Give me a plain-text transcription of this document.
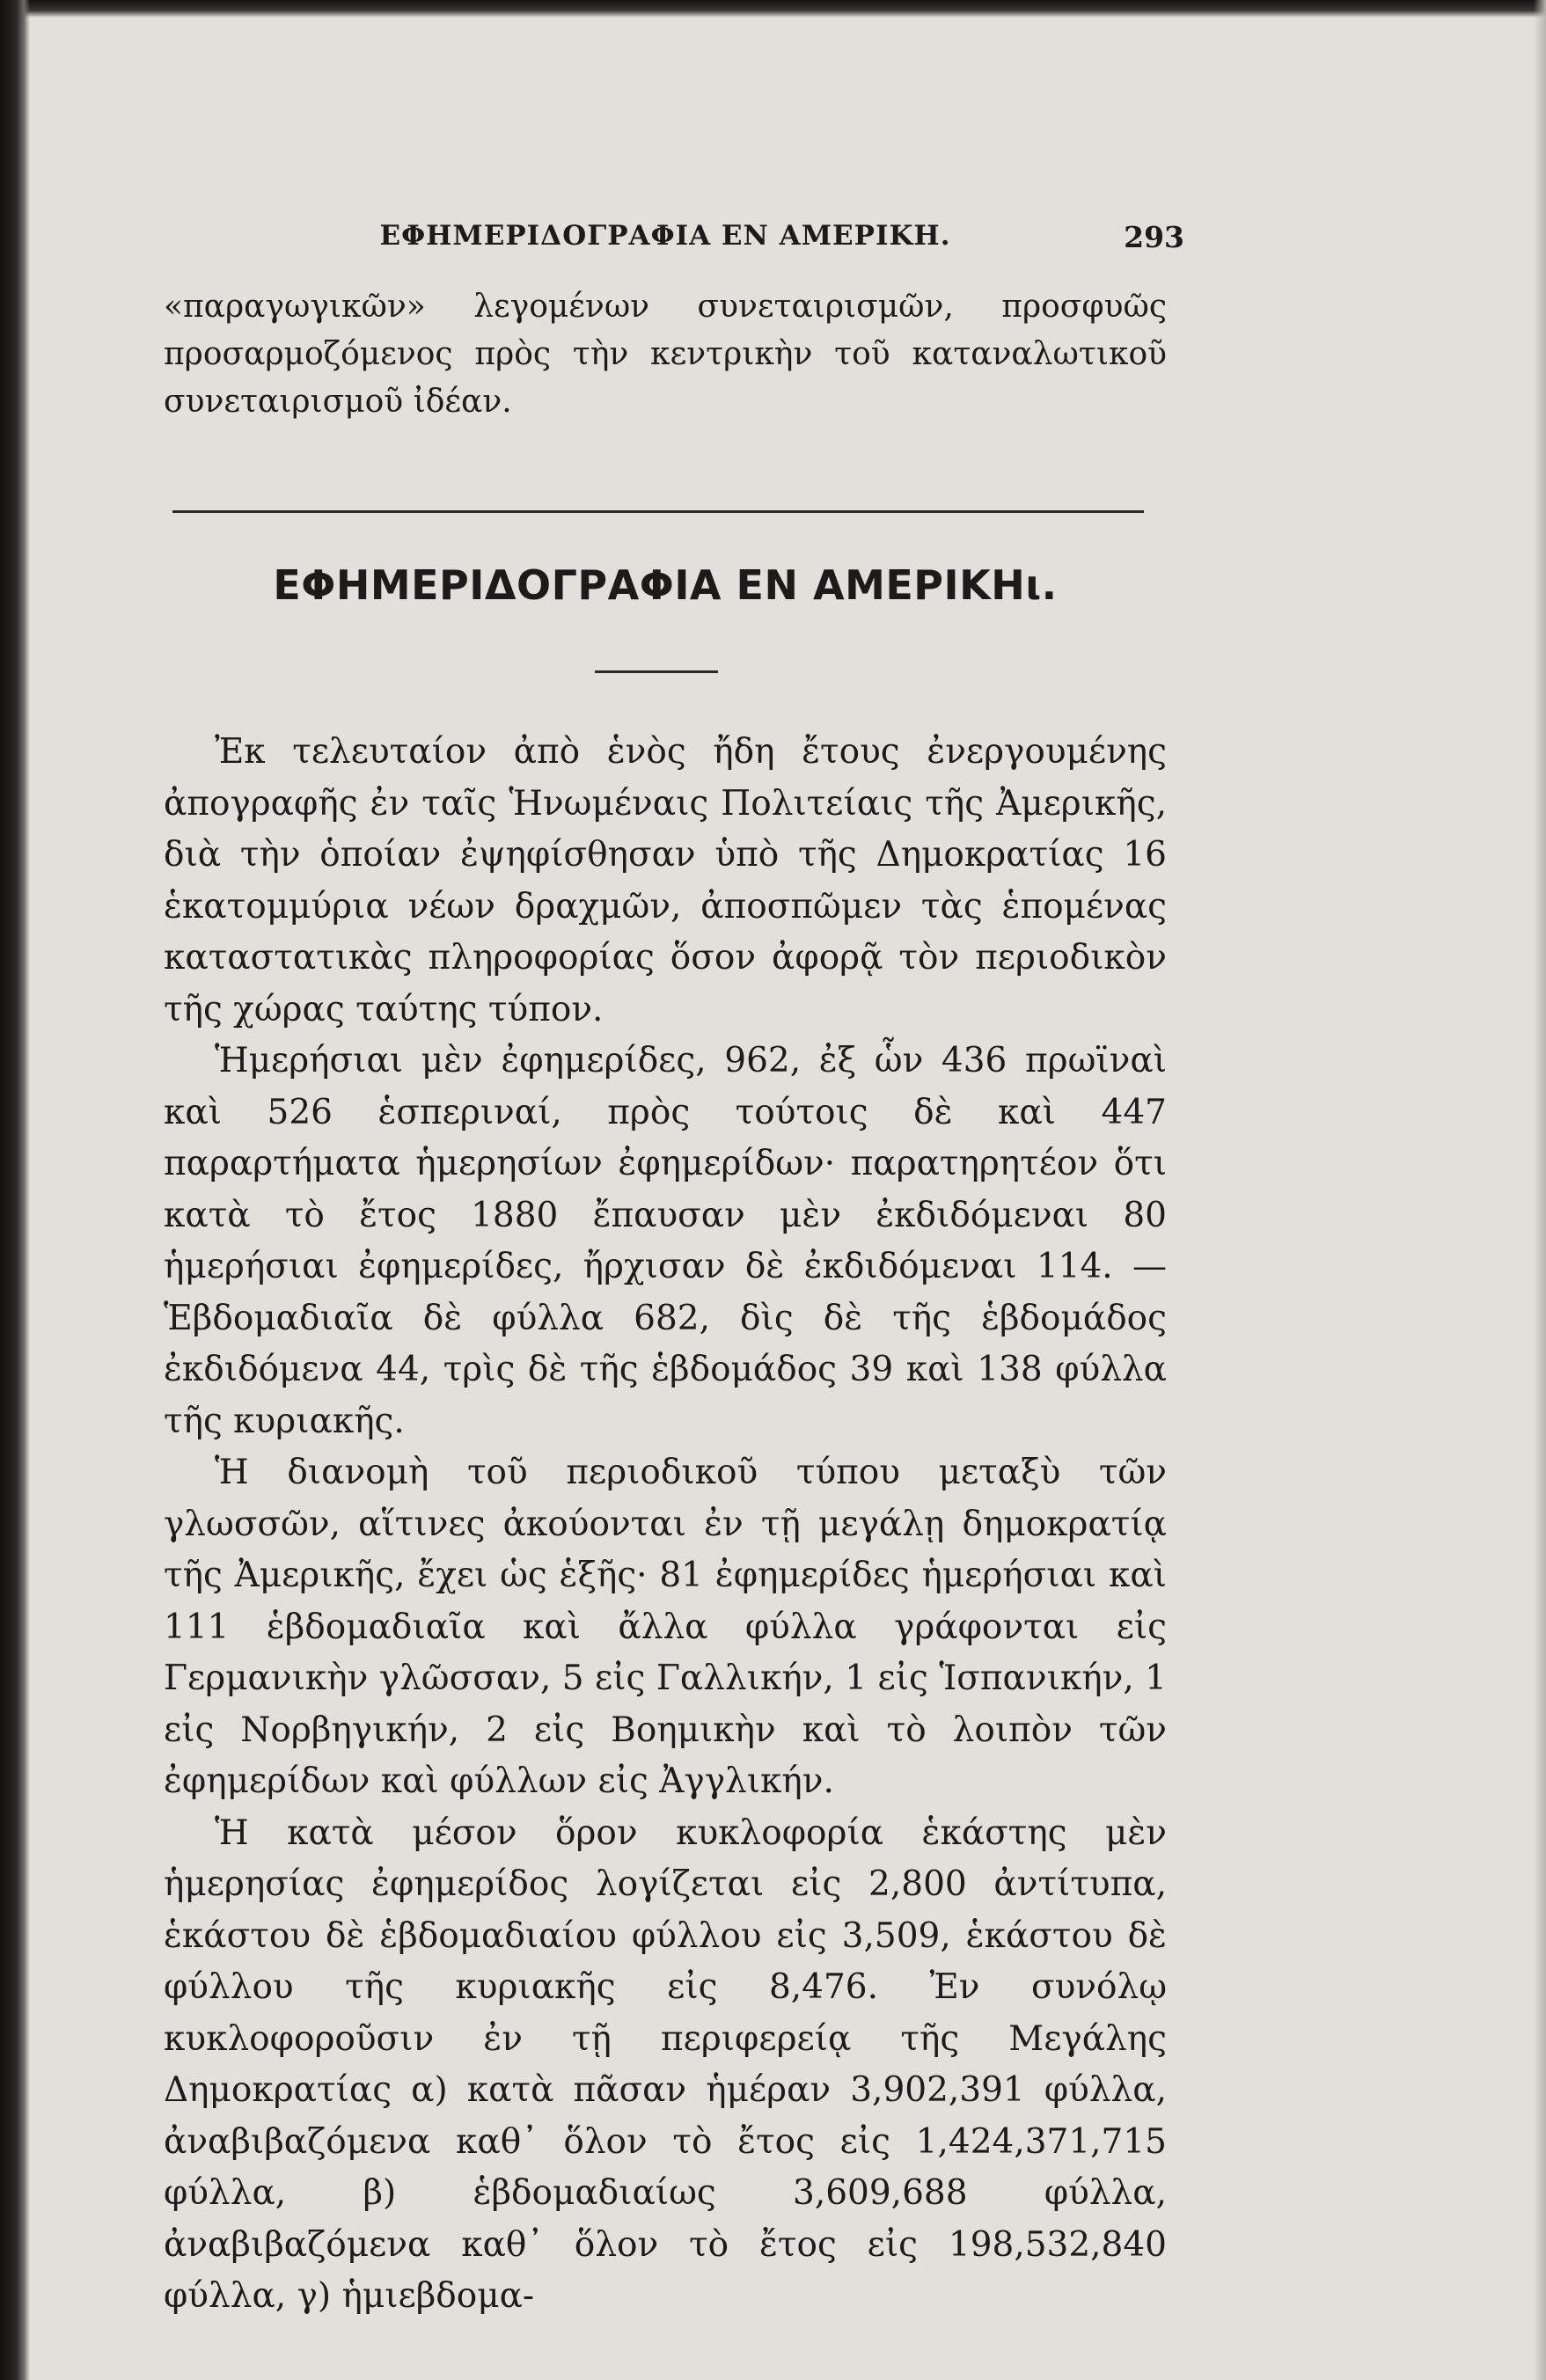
ΕΦΗΜΕΡΙΔΟΓΡΑΦΙΑ ΕΝ ΑΜΕΡΙΚΗ.	293

«παραγωγικῶν» λεγομένων συνεταιρισμῶν, προσφυῶς προσαρμοζόμενος πρὸς τὴν κεντρικὴν τοῦ καταναλωτικοῦ συνεταιρισμοῦ ἰδέαν.

ΕΦΗΜΕΡΙΔΟΓΡΑΦΙΑ ΕΝ ΑΜΕΡΙΚΗι.

Ἐκ τελευταίον ἀπὸ ἑνὸς ἤδη ἔτους ἐνεργουμένης ἀπογραφῆς ἐν ταῖς Ἡνωμέναις Πολιτείαις τῆς Ἀμερικῆς, διὰ τὴν ὁποίαν ἐψηφίσθησαν ὑπὸ τῆς Δημοκρατίας 16 ἑκατομμύρια νέων δραχμῶν, ἀποσπῶμεν τὰς ἑπομένας καταστατικὰς πληροφορίας ὅσον ἀφορᾷ τὸν περιοδικὸν τῆς χώρας ταύτης τύπον.

Ἡμερήσιαι μὲν ἐφημερίδες, 962, ἐξ ὧν 436 πρωϊναὶ καὶ 526 ἑσπεριναί, πρὸς τούτοις δὲ καὶ 447 παραρτήματα ἡμερησίων ἐφημερίδων· παρατηρητέον ὅτι κατὰ τὸ ἔτος 1880 ἔπαυσαν μὲν ἐκδιδόμεναι 80 ἡμερήσιαι ἐφημερίδες, ἤρχισαν δὲ ἐκδιδόμεναι 114. — Ἑβδομαδιαῖα δὲ φύλλα 682, δὶς δὲ τῆς ἑβδομάδος ἐκδιδόμενα 44, τρὶς δὲ τῆς ἑβδομάδος 39 καὶ 138 φύλλα τῆς κυριακῆς.

Ἡ διανομὴ τοῦ περιοδικοῦ τύπου μεταξὺ τῶν γλωσσῶν, αἵτινες ἀκούονται ἐν τῇ μεγάλῃ δημοκρατίᾳ τῆς Ἀμερικῆς, ἔχει ὡς ἑξῆς· 81 ἐφημερίδες ἡμερήσιαι καὶ 111 ἑβδομαδιαῖα καὶ ἄλλα φύλλα γράφονται εἰς Γερμανικὴν γλῶσσαν, 5 εἰς Γαλλικήν, 1 εἰς Ἱσπανικήν, 1 εἰς Νορβηγικήν, 2 εἰς Βοημικὴν καὶ τὸ λοιπὸν τῶν ἐφημερίδων καὶ φύλλων εἰς Ἀγγλικήν.

Ἡ κατὰ μέσον ὅρον κυκλοφορία ἑκάστης μὲν ἡμερησίας ἐφημερίδος λογίζεται εἰς 2,800 ἀντίτυπα, ἑκάστου δὲ ἑβδομαδιαίου φύλλου εἰς 3,509, ἑκάστου δὲ φύλλου τῆς κυριακῆς εἰς 8,476. Ἐν συνόλῳ κυκλοφοροῦσιν ἐν τῇ περιφερείᾳ τῆς Μεγάλης Δημοκρατίας α) κατὰ πᾶσαν ἡμέραν 3,902,391 φύλλα, ἀναβιβαζόμενα καθ᾽ ὅλον τὸ ἔτος εἰς 1,424,371,715 φύλλα, β) ἑβδομαδιαίως 3,609,688 φύλλα, ἀναβιβαζόμενα καθ᾽ ὅλον τὸ ἔτος εἰς 198,532,840 φύλλα, γ) ἡμιεβδομα-
